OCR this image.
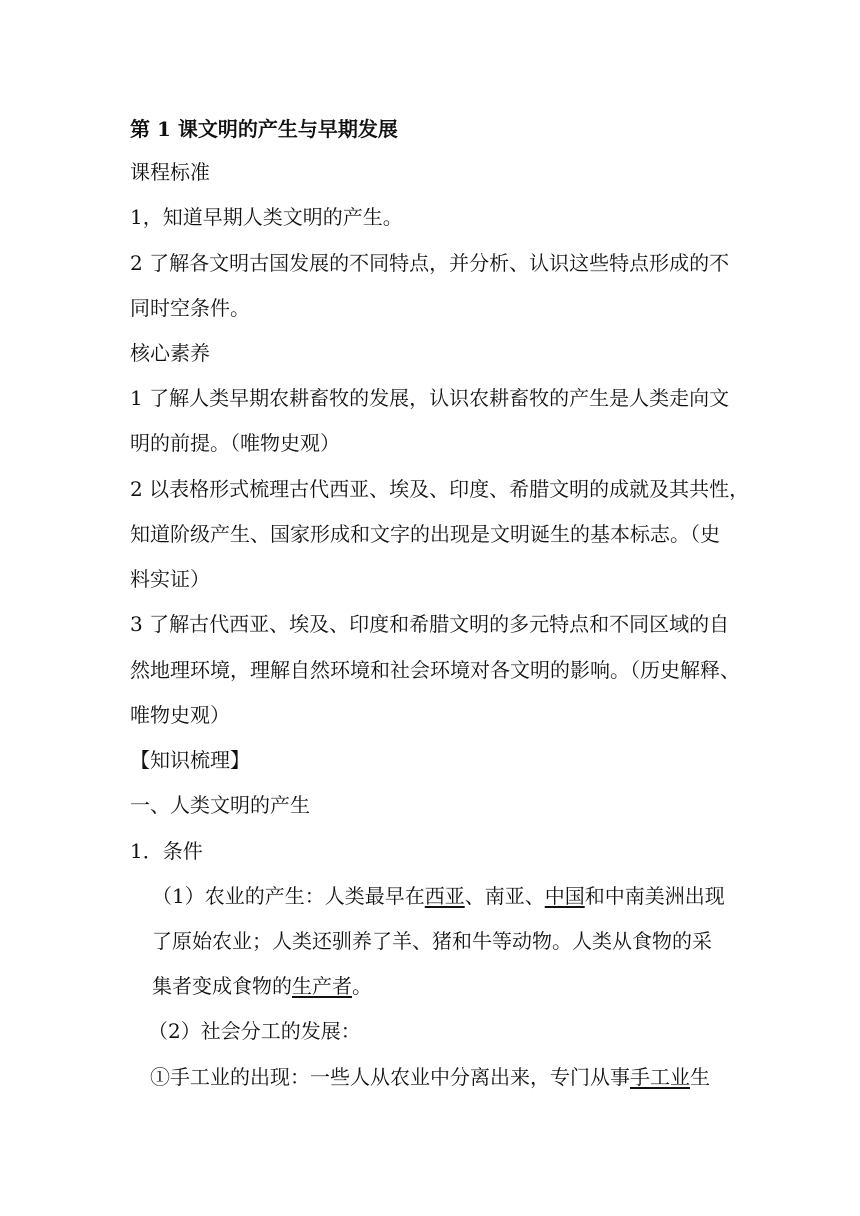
第 1 课文明的产生与早期发展
课程标准
1，知道早期人类文明的产生。
2 了解各文明古国发展的不同特点，并分析、认识这些特点形成的不
同时空条件。
核心素养
1 了解人类早期农耕畜牧的发展，认识农耕畜牧的产生是人类走向文
明的前提。（唯物史观）
2 以表格形式梳理古代西亚、埃及、印度、希腊文明的成就及其共性，
知道阶级产生、国家形成和文字的出现是文明诞生的基本标志。（史
料实证）
3 了解古代西亚、埃及、印度和希腊文明的多元特点和不同区域的自
然地理环境，理解自然环境和社会环境对各文明的影响。（历史解释、
唯物史观）
【知识梳理】
一、人类文明的产生
1．条件
（1）农业的产生：人类最早在西亚、南亚、中国和中南美洲出现
了原始农业；人类还驯养了羊、猪和牛等动物。人类从食物的采
集者变成食物的生产者。
（2）社会分工的发展：
①手工业的出现：一些人从农业中分离出来，专门从事手工业生
